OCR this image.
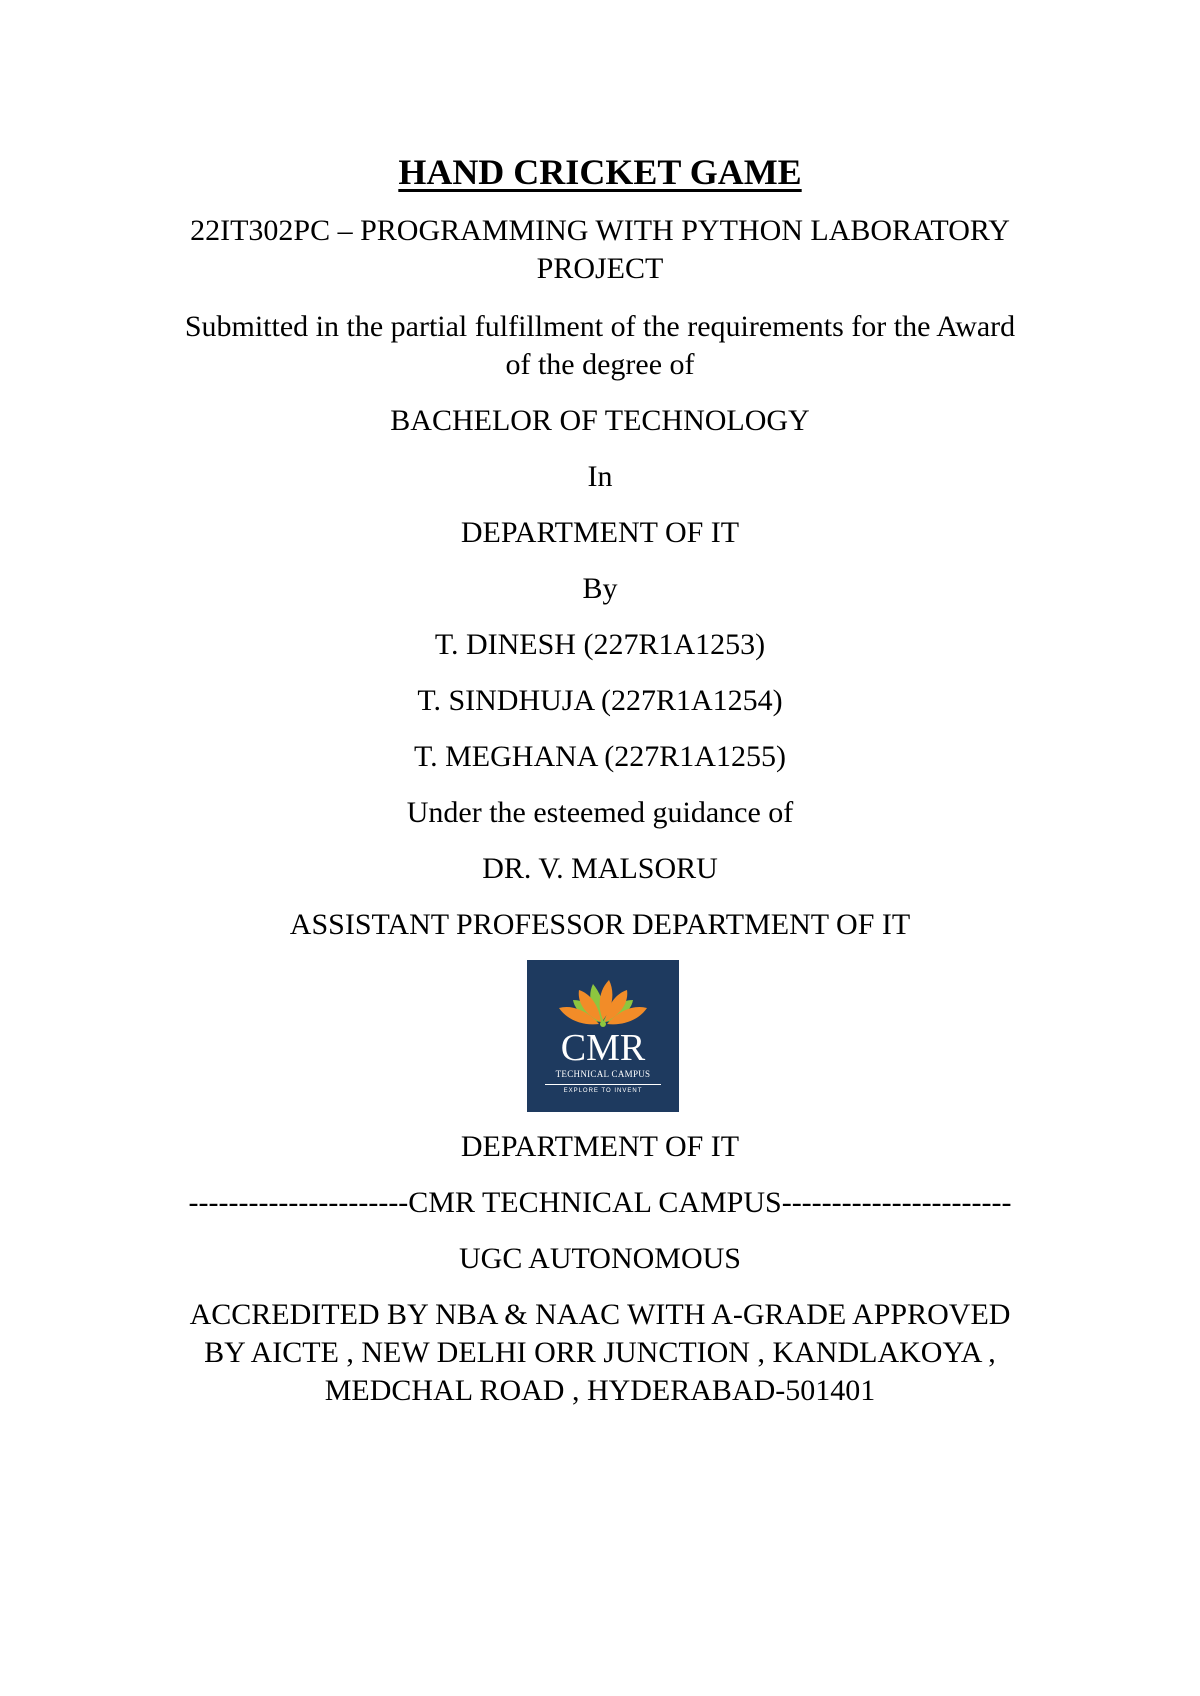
HAND CRICKET GAME
22IT302PC – PROGRAMMING WITH PYTHON LABORATORY
PROJECT
Submitted in the partial fulfillment of the requirements for the Award
of the degree of
BACHELOR OF TECHNOLOGY
In
DEPARTMENT OF IT
By
T. DINESH (227R1A1253)
T. SINDHUJA (227R1A1254)
T. MEGHANA (227R1A1255)
Under the esteemed guidance of
DR. V. MALSORU
ASSISTANT PROFESSOR DEPARTMENT OF IT
CMR
TECHNICAL CAMPUS
EXPLORE TO INVENT
DEPARTMENT OF IT
----------------------CMR TECHNICAL CAMPUS-----------------------
UGC AUTONOMOUS
ACCREDITED BY NBA & NAAC WITH A-GRADE APPROVED
BY AICTE , NEW DELHI ORR JUNCTION , KANDLAKOYA ,
MEDCHAL ROAD , HYDERABAD-501401
